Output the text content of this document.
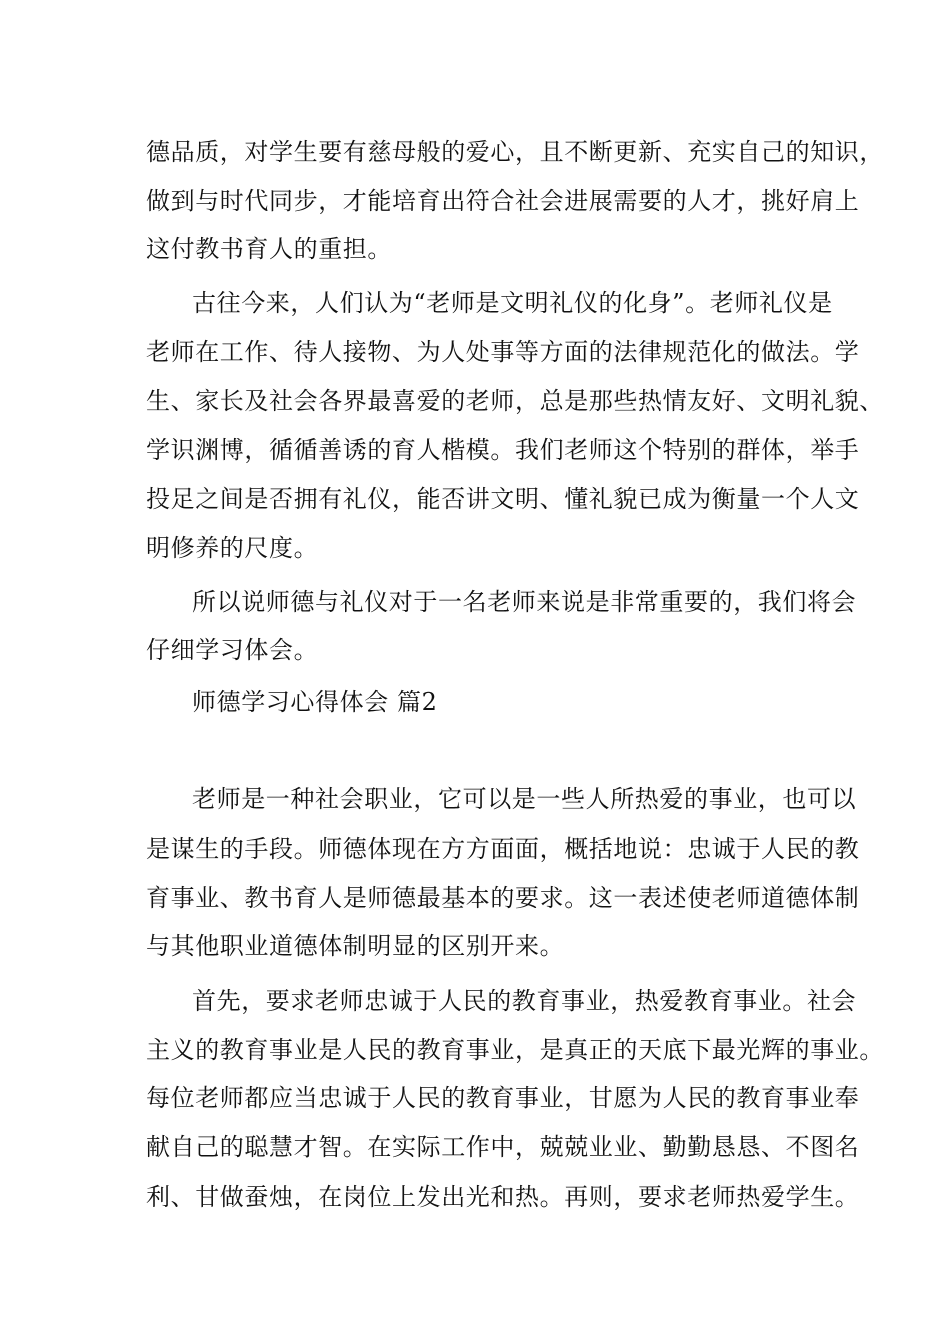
德品质，对学生要有慈母般的爱心，且不断更新、充实自己的知识，
做到与时代同步，才能培育出符合社会进展需要的人才，挑好肩上
这付教书育人的重担。
古往今来，人们认为“老师是文明礼仪的化身”。老师礼仪是
老师在工作、待人接物、为人处事等方面的法律规范化的做法。学
生、家长及社会各界最喜爱的老师，总是那些热情友好、文明礼貌、
学识渊博，循循善诱的育人楷模。我们老师这个特别的群体，举手
投足之间是否拥有礼仪，能否讲文明、懂礼貌已成为衡量一个人文
明修养的尺度。
所以说师德与礼仪对于一名老师来说是非常重要的，我们将会
仔细学习体会。
师德学习心得体会 篇2
老师是一种社会职业，它可以是一些人所热爱的事业，也可以
是谋生的手段。师德体现在方方面面，概括地说：忠诚于人民的教
育事业、教书育人是师德最基本的要求。这一表述使老师道德体制
与其他职业道德体制明显的区别开来。
首先，要求老师忠诚于人民的教育事业，热爱教育事业。社会
主义的教育事业是人民的教育事业，是真正的天底下最光辉的事业。
每位老师都应当忠诚于人民的教育事业，甘愿为人民的教育事业奉
献自己的聪慧才智。在实际工作中，兢兢业业、勤勤恳恳、不图名
利、甘做蚕烛，在岗位上发出光和热。再则，要求老师热爱学生。
